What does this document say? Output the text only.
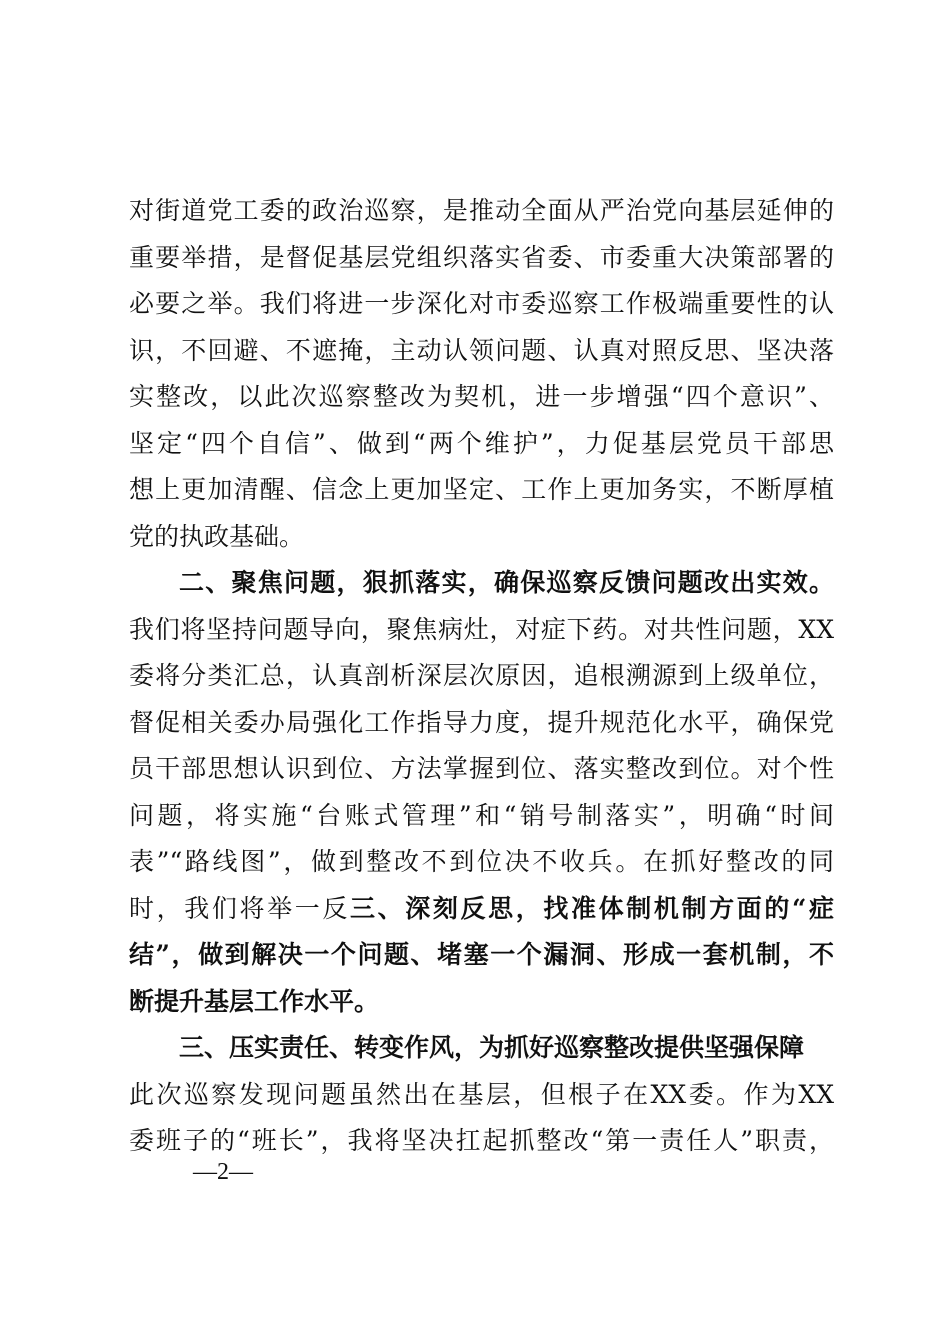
对街道党工委的政治巡察，是推动全面从严治党向基层延伸的
重要举措，是督促基层党组织落实省委、市委重大决策部署的
必要之举。我们将进一步深化对市委巡察工作极端重要性的认
识，不回避、不遮掩，主动认领问题、认真对照反思、坚决落
实整改，以此次巡察整改为契机，进一步增强“四个意识”、
坚定“四个自信”、做到“两个维护”，力促基层党员干部思
想上更加清醒、信念上更加坚定、工作上更加务实，不断厚植
党的执政基础。
二、聚焦问题，狠抓落实，确保巡察反馈问题改出实效。
我们将坚持问题导向，聚焦病灶，对症下药。对共性问题，XX
委将分类汇总，认真剖析深层次原因，追根溯源到上级单位，
督促相关委办局强化工作指导力度，提升规范化水平，确保党
员干部思想认识到位、方法掌握到位、落实整改到位。对个性
问题，将实施“台账式管理”和“销号制落实”，明确“时间
表”“路线图”，做到整改不到位决不收兵。在抓好整改的同
时，我们将举一反三、深刻反思，找准体制机制方面的“症
结”，做到解决一个问题、堵塞一个漏洞、形成一套机制，不
断提升基层工作水平。
三、压实责任、转变作风，为抓好巡察整改提供坚强保障
此次巡察发现问题虽然出在基层，但根子在XX委。作为XX
委班子的“班长”，我将坚决扛起抓整改“第一责任人”职责，
—2—
